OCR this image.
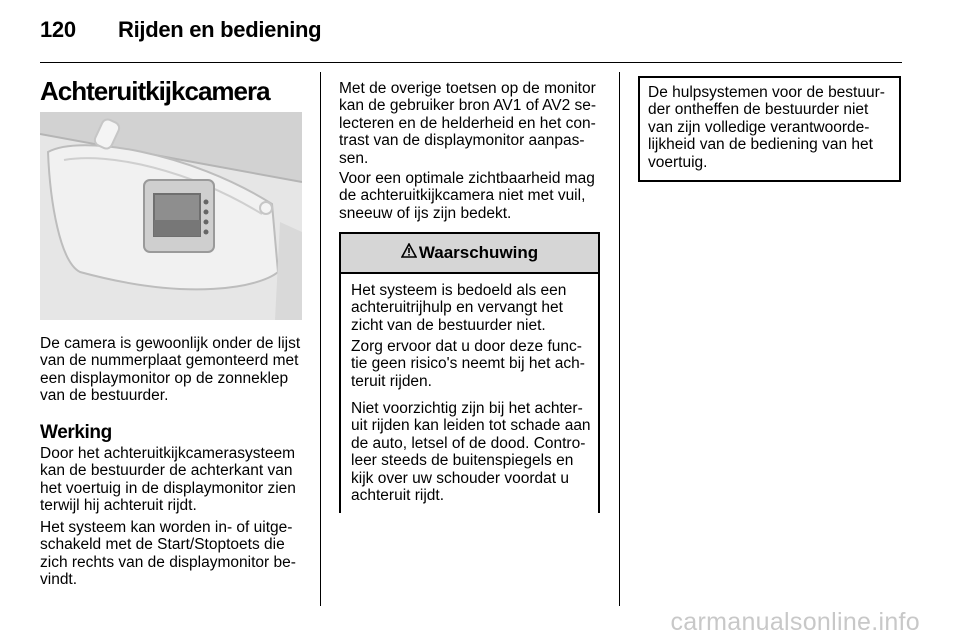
120 Rijden en bediening
Achteruitkijkcamera

De camera is gewoonlijk onder de lijst van de nummerplaat gemonteerd met een displaymonitor op de zonneklep van de bestuurder.

Werking

Door het achteruitkijkcamerasysteem kan de bestuurder de achterkant van het voertuig in de displaymonitor zien terwijl hij achteruit rijdt.

Het systeem kan worden in- of uitgeschakeld met de Start/Stoptoets die zich rechts van de displaymonitor bevindt.

Met de overige toetsen op de monitor kan de gebruiker bron AV1 of AV2 selecteren en de helderheid en het contrast van de displaymonitor aanpassen.

Voor een optimale zichtbaarheid mag de achteruitkijkcamera niet met vuil, sneeuw of ijs zijn bedekt.

Waarschuwing

Het systeem is bedoeld als een achteruitrijhulp en vervangt het zicht van de bestuurder niet.

Zorg ervoor dat u door deze functie geen risico's neemt bij het achteruit rijden.

Niet voorzichtig zijn bij het achteruit rijden kan leiden tot schade aan de auto, letsel of de dood. Controleer steeds de buitenspiegels en kijk over uw schouder voordat u achteruit rijdt.

De hulpsystemen voor de bestuurder ontheffen de bestuurder niet van zijn volledige verantwoordelijkheid van de bediening van het voertuig.

carmanualsonline.info
